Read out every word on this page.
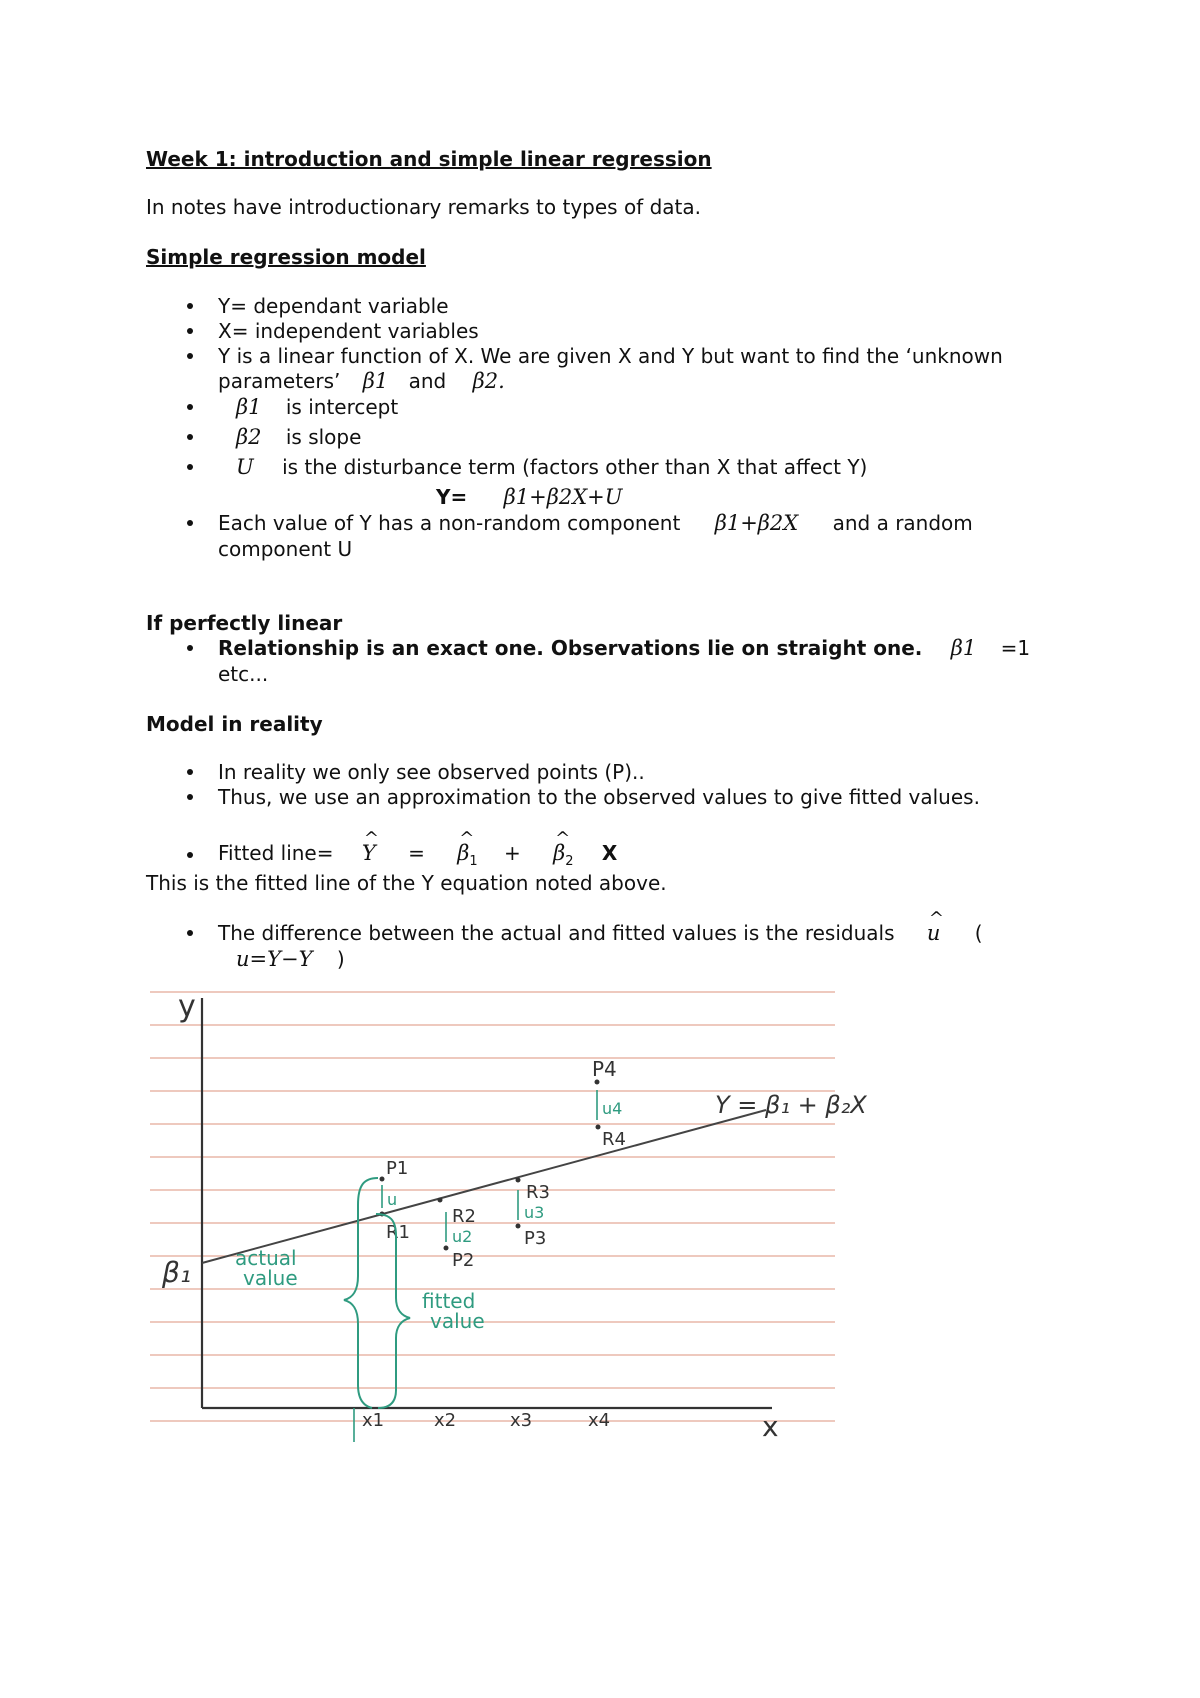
Week 1: introduction and simple linear regression
In notes have introductionary remarks to types of data.
Simple regression model
Y= dependant variable
X= independent variables
Y is a linear function of X. We are given X and Y but want to find the ‘unknown
parameters’ β1 and β2.
β1 is intercept
β2 is slope
U is the disturbance term (factors other than X that affect Y)
Y= β1+β2X+U
Each value of Y has a non-random component β1+β2X and a random
component U
If perfectly linear
Relationship is an exact one. Observations lie on straight one. β1 =1
etc...
Model in reality
In reality we only see observed points (P)..
Thus, we use an approximation to the observed values to give fitted values.
Fitted line= ^ Y = ^ $\beta_1$ + ^ $\beta_2$ X
This is the fitted line of the Y equation noted above.
The difference between the actual and fitted values is the residuals ^ u (
u=Y−Y )
y
x
β₁
Y = β₁ + β₂X
P1
u
R1
R2
u2
P2
R3
u3
P3
P4
u4
R4
actual
value
fitted
value
x1	x2	x3	x4
